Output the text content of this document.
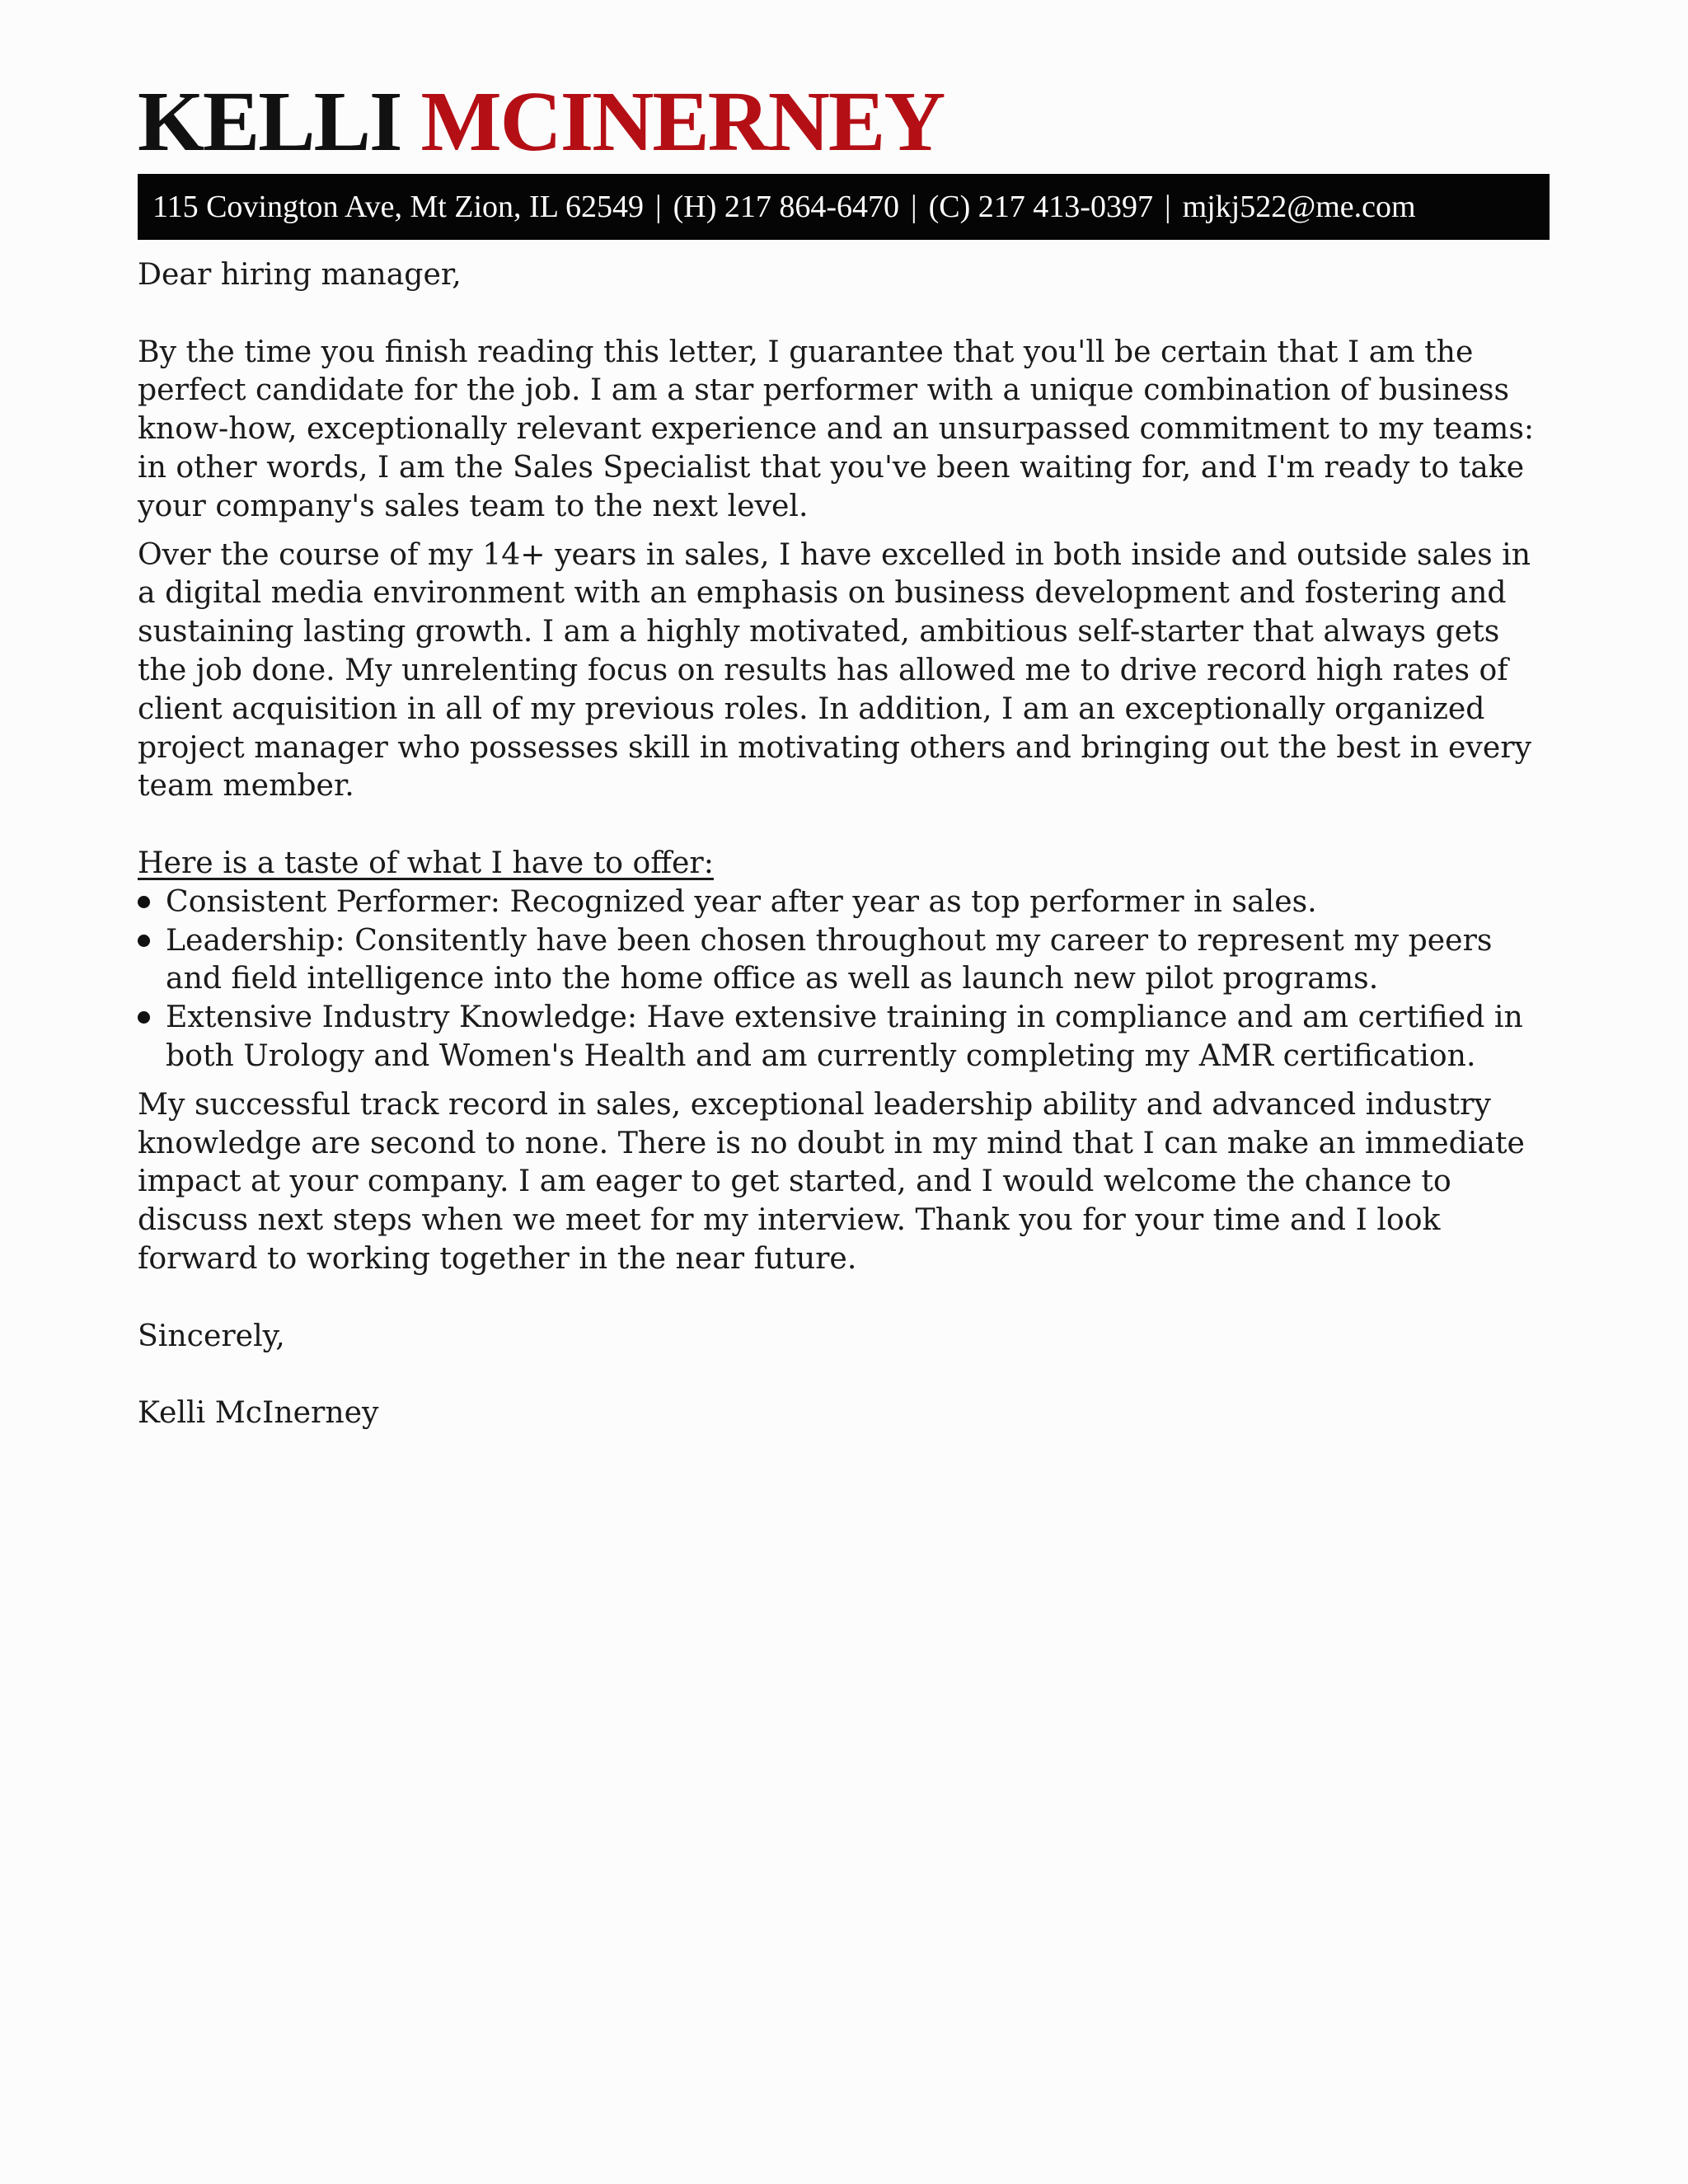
KELLI MCINERNEY
115 Covington Ave, Mt Zion, IL 62549 | (H) 217 864-6470 | (C) 217 413-0397 | mjkj522@me.com

Dear hiring manager,

By the time you finish reading this letter, I guarantee that you'll be certain that I am the perfect candidate for the job. I am a star performer with a unique combination of business know-how, exceptionally relevant experience and an unsurpassed commitment to my teams: in other words, I am the Sales Specialist that you've been waiting for, and I'm ready to take your company's sales team to the next level.

Over the course of my 14+ years in sales, I have excelled in both inside and outside sales in a digital media environment with an emphasis on business development and fostering and sustaining lasting growth. I am a highly motivated, ambitious self-starter that always gets the job done. My unrelenting focus on results has allowed me to drive record high rates of client acquisition in all of my previous roles. In addition, I am an exceptionally organized project manager who possesses skill in motivating others and bringing out the best in every team member.

Here is a taste of what I have to offer:

Consistent Performer: Recognized year after year as top performer in sales.
Leadership: Consitently have been chosen throughout my career to represent my peers and field intelligence into the home office as well as launch new pilot programs.
Extensive Industry Knowledge: Have extensive training in compliance and am certified in both Urology and Women's Health and am currently completing my AMR certification.

My successful track record in sales, exceptional leadership ability and advanced industry knowledge are second to none. There is no doubt in my mind that I can make an immediate impact at your company. I am eager to get started, and I would welcome the chance to discuss next steps when we meet for my interview. Thank you for your time and I look forward to working together in the near future.

Sincerely,

Kelli McInerney
